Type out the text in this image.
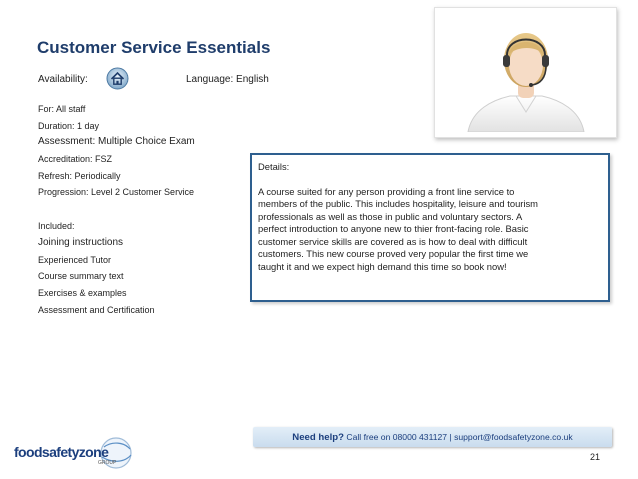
Customer Service Essentials
Availability:	Language: English
For: All staff
Duration: 1 day
Assessment: Multiple Choice Exam
Accreditation: FSZ
Refresh: Periodically
Progression: Level 2 Customer Service
Included:
Joining instructions
Experienced Tutor
Course summary text
Exercises & examples
Assessment and Certification
Details:
A course suited for any person providing a front line service to
members of the public. This includes hospitality, leisure and tourism
professionals as well as those in public and voluntary sectors. A
perfect introduction to anyone new to thier front-facing role. Basic
customer service skills are covered as is how to deal with difficult
customers. This new course proved very popular the first time we
taught it and we expect high demand this time so book now!
Need help? Call free on 08000 431127 | support@foodsafetyzone.co.uk
21
foodsafetyzone
GROUP
